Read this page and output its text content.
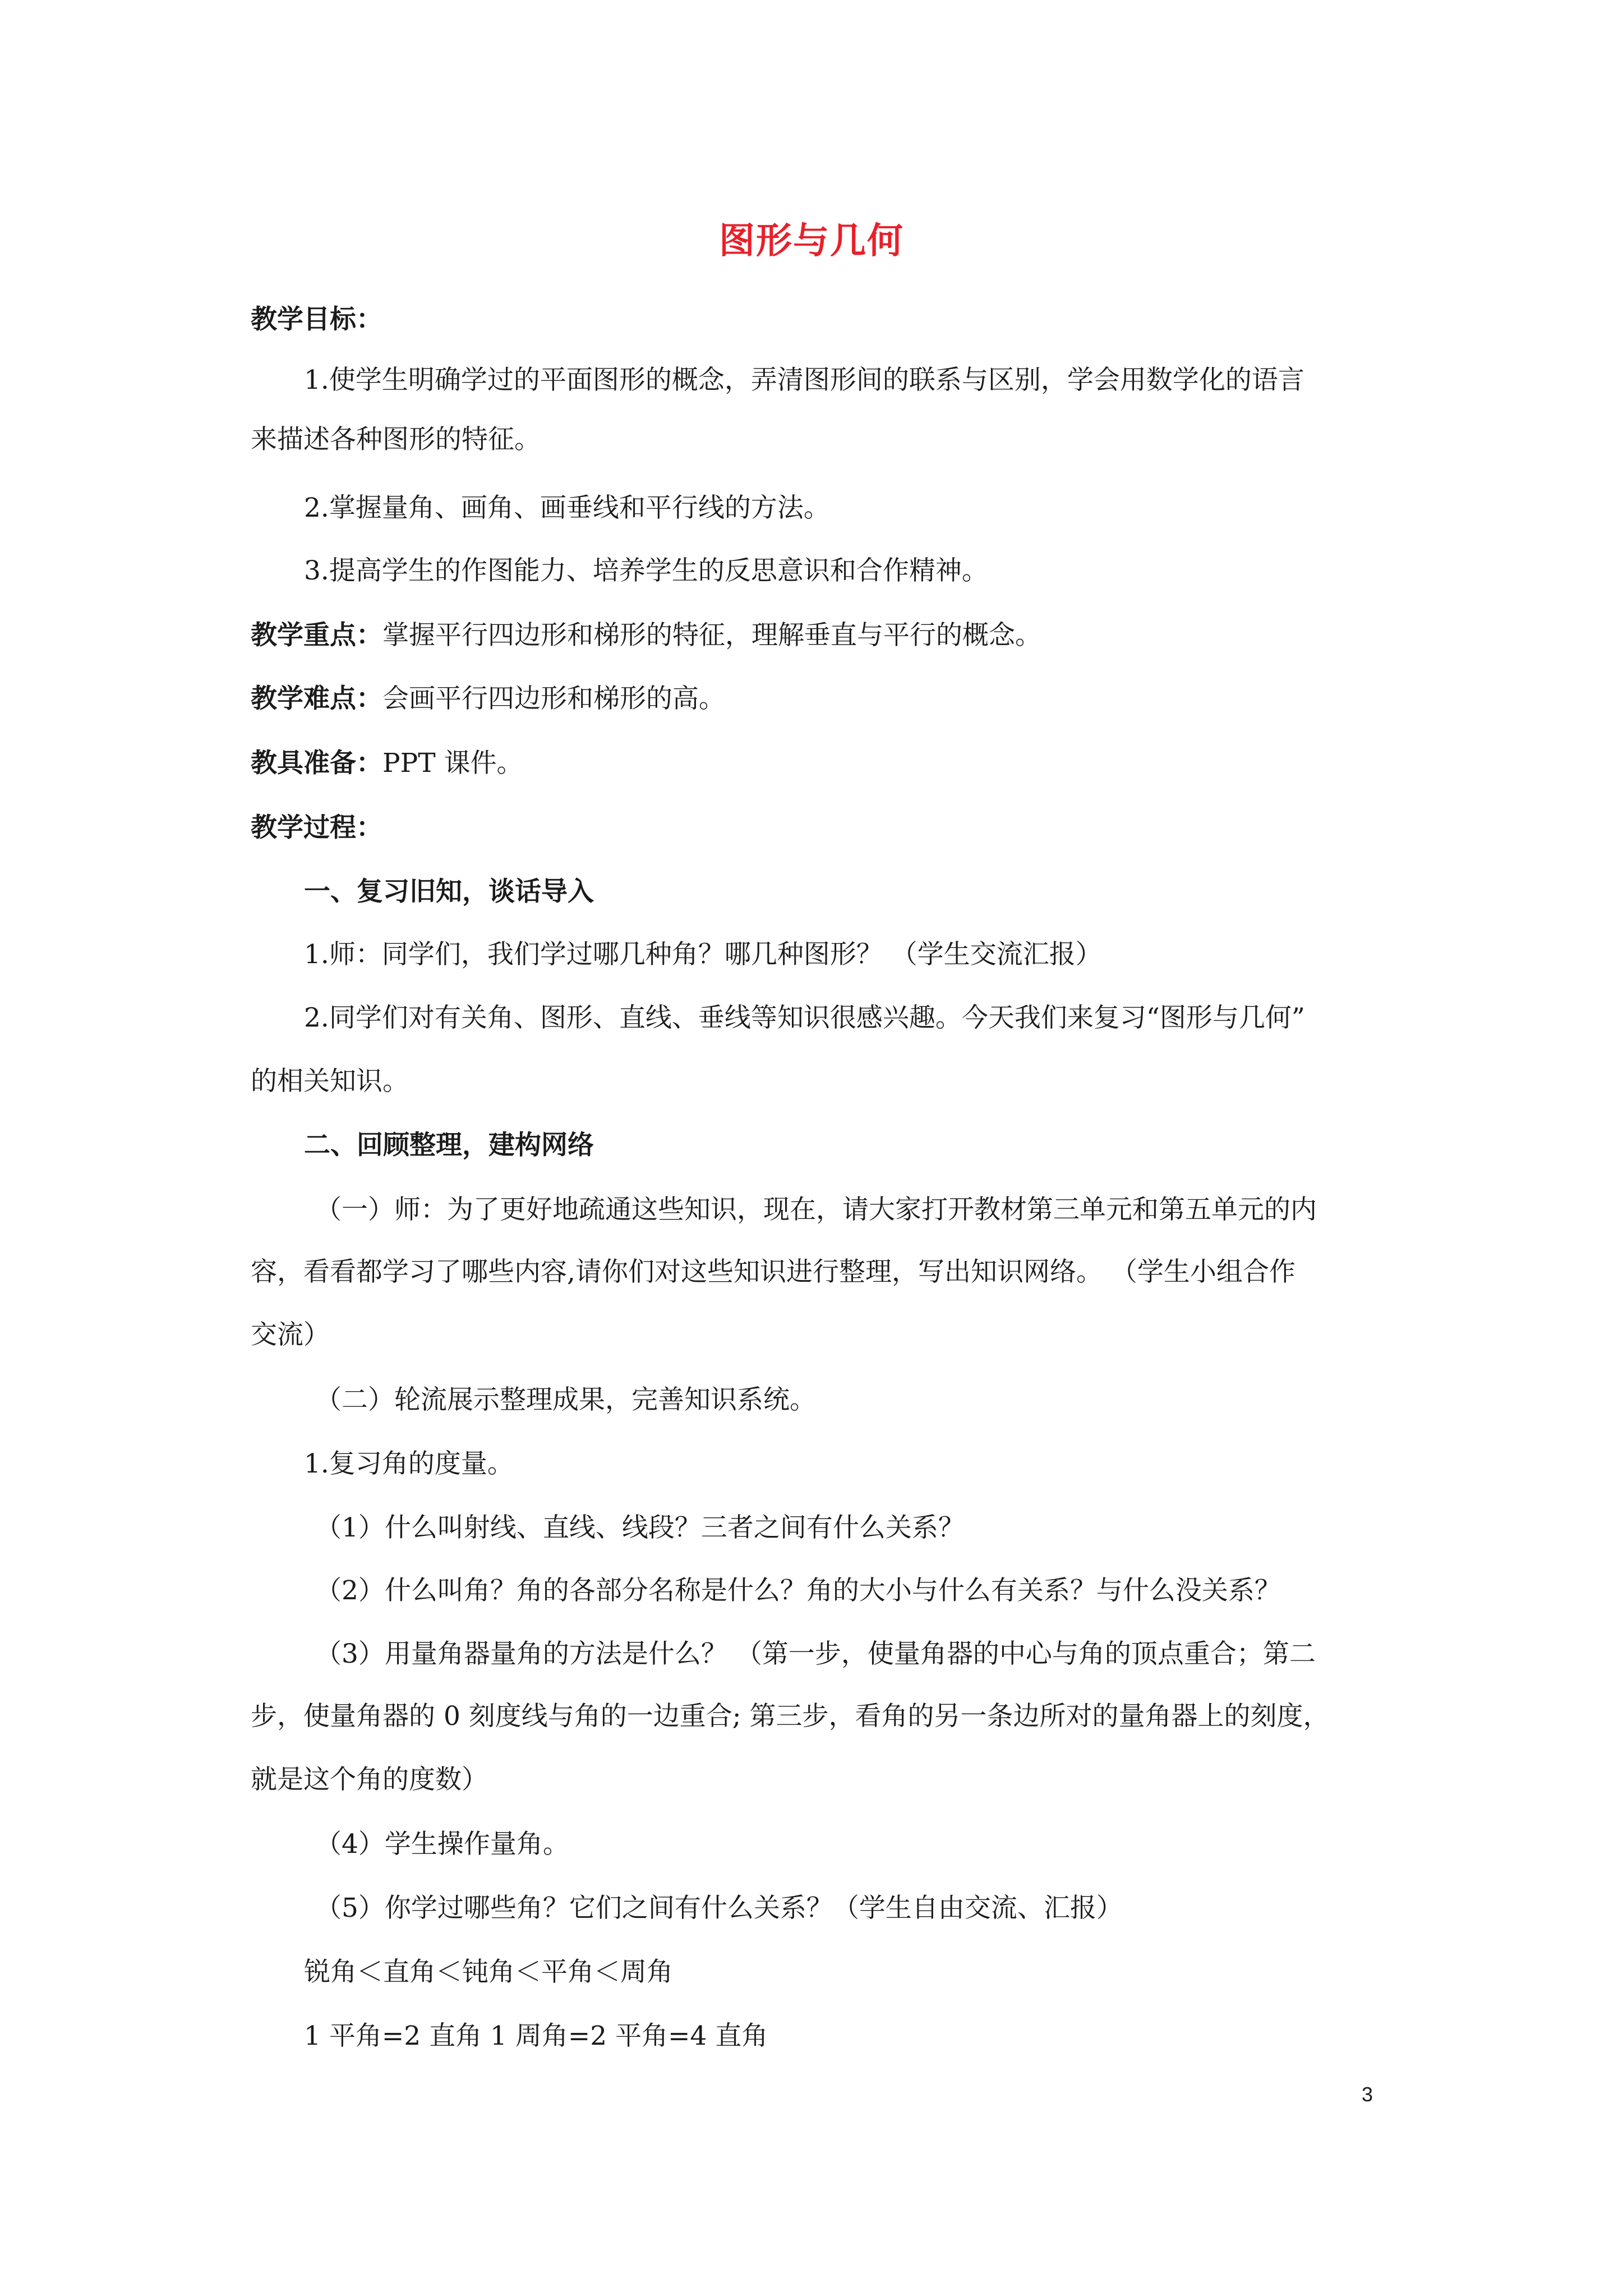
图形与几何
教学目标：
1.使学生明确学过的平面图形的概念，弄清图形间的联系与区别，学会用数学化的语言
来描述各种图形的特征。
2.掌握量角、画角、画垂线和平行线的方法。
3.提高学生的作图能力、培养学生的反思意识和合作精神。
教学重点：掌握平行四边形和梯形的特征，理解垂直与平行的概念。
教学难点：会画平行四边形和梯形的高。
教具准备：PPT 课件。
教学过程：
一、复习旧知，谈话导入
1.师：同学们，我们学过哪几种角？哪几种图形？ （学生交流汇报）
2.同学们对有关角、图形、直线、垂线等知识很感兴趣。今天我们来复习“图形与几何”
的相关知识。
二、回顾整理，建构网络
（一）师：为了更好地疏通这些知识，现在，请大家打开教材第三单元和第五单元的内
容，看看都学习了哪些内容,请你们对这些知识进行整理，写出知识网络。 （学生小组合作
交流）
（二）轮流展示整理成果，完善知识系统。
1.复习角的度量。
（1）什么叫射线、直线、线段？三者之间有什么关系？
（2）什么叫角？角的各部分名称是什么？角的大小与什么有关系？与什么没关系？
（3）用量角器量角的方法是什么？ （第一步，使量角器的中心与角的顶点重合；第二
步，使量角器的 0 刻度线与角的一边重合; 第三步，看角的另一条边所对的量角器上的刻度，
就是这个角的度数）
（4）学生操作量角。
（5）你学过哪些角？它们之间有什么关系？（学生自由交流、汇报）
锐角＜直角＜钝角＜平角＜周角
1 平角=2 直角 1 周角=2 平角=4 直角
3
